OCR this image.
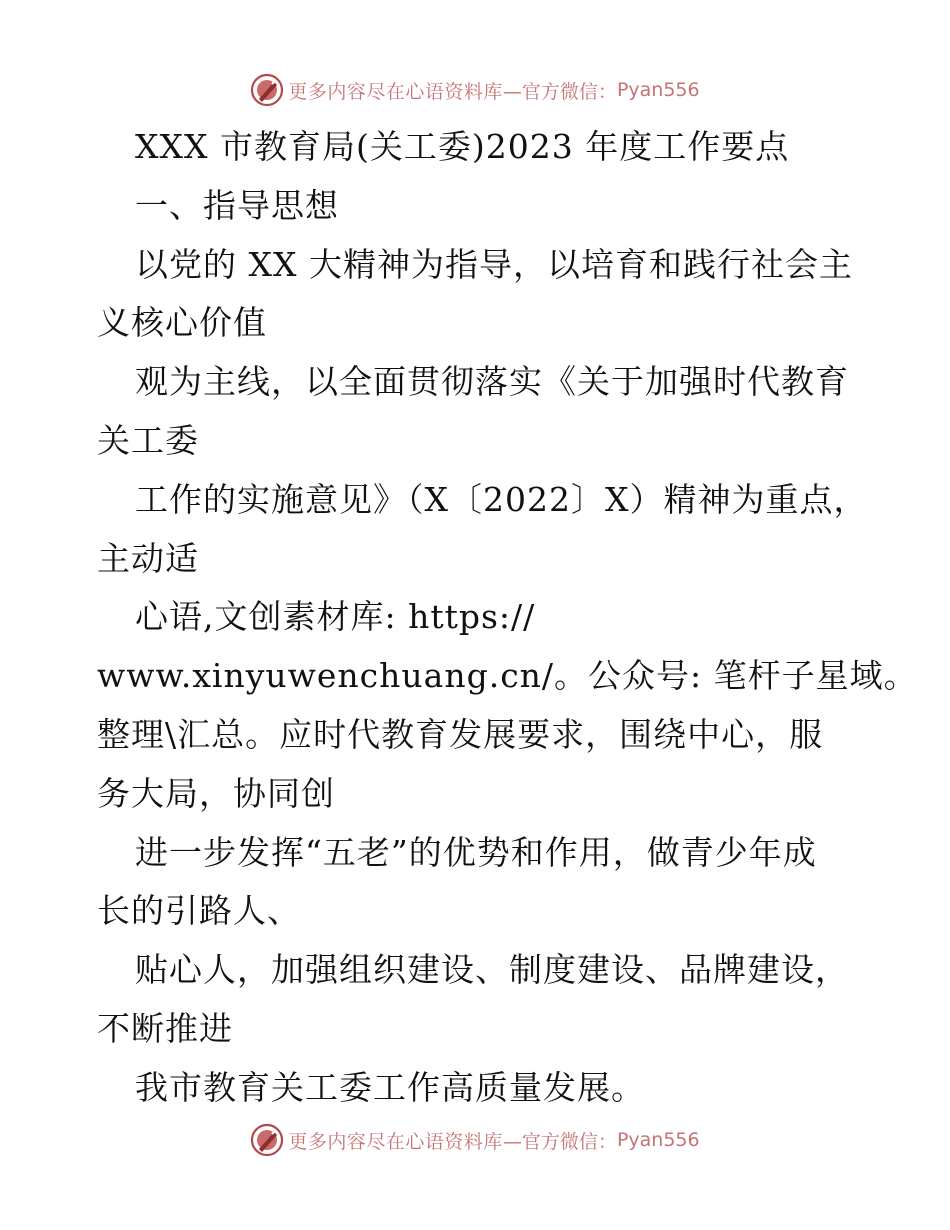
更多内容尽在心语资料库 —官方微信： Pyan556
XXX 市教育局(关工委)2023 年度工作要点
一、指导思想
以党的 XX 大精神为指导，以培育和践行社会主
义核心价值
观为主线，以全面贯彻落实《关于加强时代教育
关工委
工作的实施意见》（X〔2022〕X）精神为重点，
主动适
心语,文创素材库: https://
www.xinyuwenchuang.cn/。公众号: 笔杆子星域。
整理\汇总。应时代教育发展要求，围绕中心，服
务大局，协同创
进一步发挥“五老”的优势和作用，做青少年成
长的引路人、
贴心人，加强组织建设、制度建设、品牌建设，
不断推进
我市教育关工委工作高质量发展。
更多内容尽在心语资料库 —官方微信： Pyan556
